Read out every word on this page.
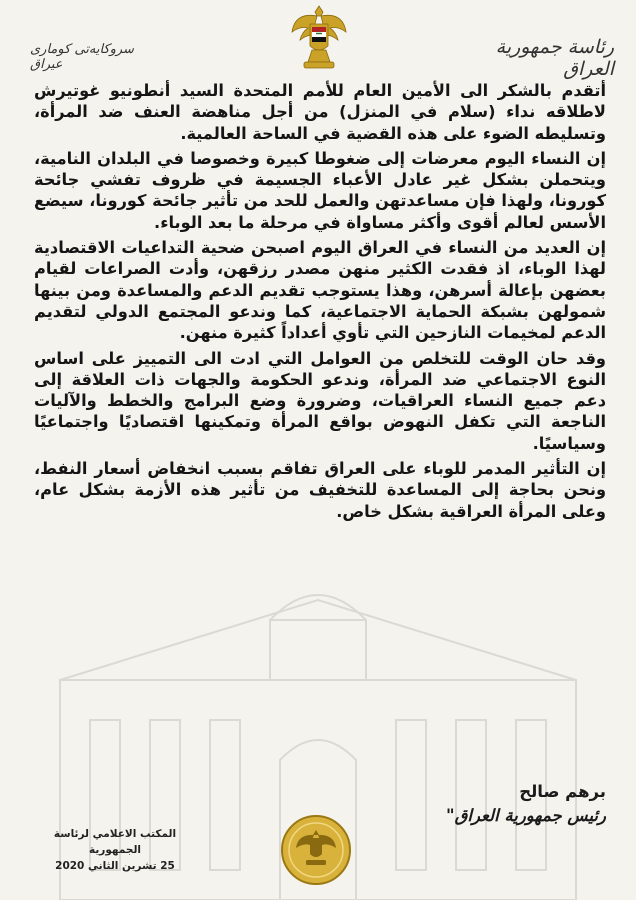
سروكايه‌تى كومارى عيراق
رئاسة جمهورية العراق

أتقدم بالشكر الى الأمين العام للأمم المتحدة السيد أنطونيو غوتيرش لاطلاقه نداء (سلام في المنزل) من أجل مناهضة العنف ضد المرأة، وتسليطه الضوء على هذه القضية في الساحة العالمية.

إن النساء اليوم معرضات إلى ضغوطا كبيرة وخصوصا في البلدان النامية، ويتحملن بشكل غير عادل الأعباء الجسيمة في ظروف تفشي جائحة كورونا، ولهذا فإن مساعدتهن والعمل للحد من تأثير جائحة كورونا، سيضع الأسس لعالم أقوى وأكثر مساواة في مرحلة ما بعد الوباء.

إن العديد من النساء في العراق اليوم اصبحن ضحية التداعيات الاقتصادية لهذا الوباء، اذ فقدت الكثير منهن مصدر رزقهن، وأدت الصراعات لقيام بعضهن بإعالة أسرهن، وهذا يستوجب تقديم الدعم والمساعدة ومن بينها شمولهن بشبكة الحماية الاجتماعية، كما وندعو المجتمع الدولي لتقديم الدعم لمخيمات النازحين التي تأوي أعداداً كثيرة منهن.

وقد حان الوقت للتخلص من العوامل التي ادت الى التمييز على اساس النوع الاجتماعي ضد المرأة، وندعو الحكومة والجهات ذات العلاقة إلى دعم جميع النساء العراقيات، وضرورة وضع البرامج والخطط والآليات الناجعة التي تكفل النهوض بواقع المرأة وتمكينها اقتصاديًا واجتماعيًا وسياسيًا.

إن التأثير المدمر للوباء على العراق تفاقم بسبب انخفاض أسعار النفط، ونحن بحاجة إلى المساعدة للتخفيف من تأثير هذه الأزمة بشكل عام، وعلى المرأة العراقية بشكل خاص.

برهم صالح
رئيس جمهورية العراق"
المكتب الاعلامي لرئاسة الجمهورية
25 تشرين الثاني 2020
